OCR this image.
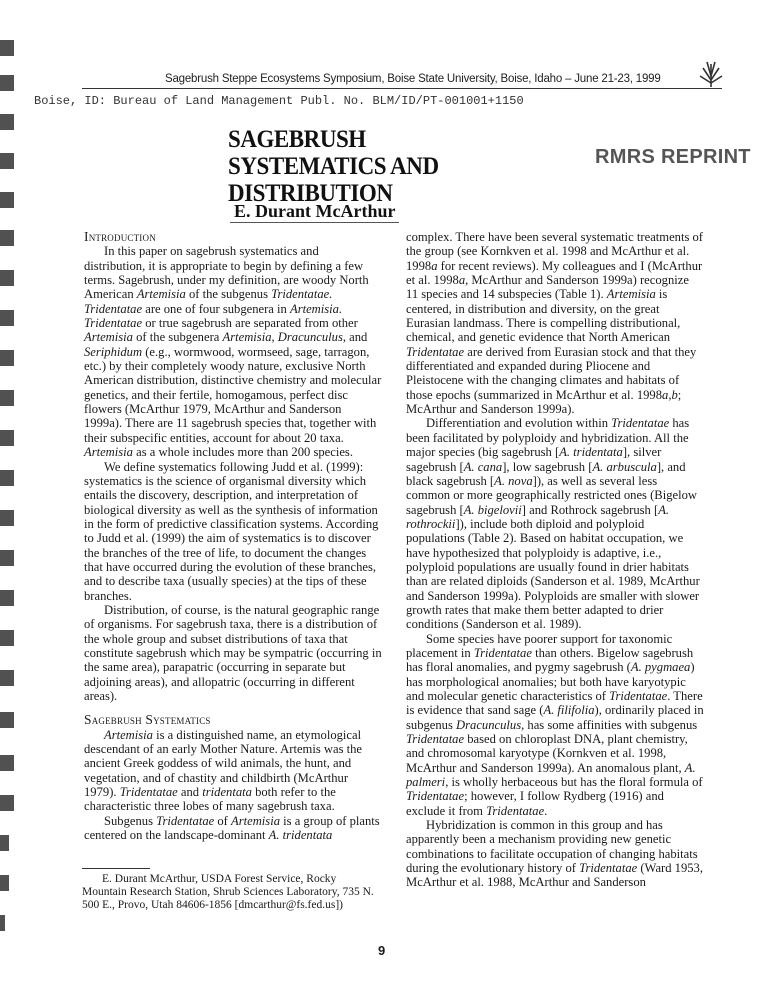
Sagebrush Steppe Ecosystems Symposium, Boise State University, Boise, Idaho – June 21-23, 1999
Boise, ID: Bureau of Land Management Publ. No. BLM/ID/PT-001001+1150
SAGEBRUSH SYSTEMATICS AND DISTRIBUTION
RMRS REPRINT
E. Durant McArthur
Introduction

In this paper on sagebrush systematics and distribution, it is appropriate to begin by defining a few terms. Sagebrush, under my definition, are woody North American Artemisia of the subgenus Tridentatae. Tridentatae are one of four subgenera in Artemisia. Tridentatae or true sagebrush are separated from other Artemisia of the subgenera Artemisia, Dracunculus, and Seriphidum (e.g., wormwood, wormseed, sage, tarragon, etc.) by their completely woody nature, exclusive North American distribution, distinctive chemistry and molecular genetics, and their fertile, homogamous, perfect disc flowers (McArthur 1979, McArthur and Sanderson 1999a). There are 11 sagebrush species that, together with their subspecific entities, account for about 20 taxa. Artemisia as a whole includes more than 200 species.

We define systematics following Judd et al. (1999): systematics is the science of organismal diversity which entails the discovery, description, and interpretation of biological diversity as well as the synthesis of information in the form of predictive classification systems. According to Judd et al. (1999) the aim of systematics is to discover the branches of the tree of life, to document the changes that have occurred during the evolution of these branches, and to describe taxa (usually species) at the tips of these branches.

Distribution, of course, is the natural geographic range of organisms. For sagebrush taxa, there is a distribution of the whole group and subset distributions of taxa that constitute sagebrush which may be sympatric (occurring in the same area), parapatric (occurring in separate but adjoining areas), and allopatric (occurring in different areas).

Sagebrush Systematics

Artemisia is a distinguished name, an etymological descendant of an early Mother Nature. Artemis was the ancient Greek goddess of wild animals, the hunt, and vegetation, and of chastity and childbirth (McArthur 1979). Tridentatae and tridentata both refer to the characteristic three lobes of many sagebrush taxa.

Subgenus Tridentatae of Artemisia is a group of plants centered on the landscape-dominant A. tridentata

complex. There have been several systematic treatments of the group (see Kornkven et al. 1998 and McArthur et al. 1998a for recent reviews). My colleagues and I (McArthur et al. 1998a, McArthur and Sanderson 1999a) recognize 11 species and 14 subspecies (Table 1). Artemisia is centered, in distribution and diversity, on the great Eurasian landmass. There is compelling distributional, chemical, and genetic evidence that North American Tridentatae are derived from Eurasian stock and that they differentiated and expanded during Pliocene and Pleistocene with the changing climates and habitats of those epochs (summarized in McArthur et al. 1998a,b; McArthur and Sanderson 1999a).

Differentiation and evolution within Tridentatae has been facilitated by polyploidy and hybridization. All the major species (big sagebrush [A. tridentata], silver sagebrush [A. cana], low sagebrush [A. arbuscula], and black sagebrush [A. nova]), as well as several less common or more geographically restricted ones (Bigelow sagebrush [A. bigelovii] and Rothrock sagebrush [A. rothrockii]), include both diploid and polyploid populations (Table 2). Based on habitat occupation, we have hypothesized that polyploidy is adaptive, i.e., polyploid populations are usually found in drier habitats than are related diploids (Sanderson et al. 1989, McArthur and Sanderson 1999a). Polyploids are smaller with slower growth rates that make them better adapted to drier conditions (Sanderson et al. 1989).

Some species have poorer support for taxonomic placement in Tridentatae than others. Bigelow sagebrush has floral anomalies, and pygmy sagebrush (A. pygmaea) has morphological anomalies; but both have karyotypic and molecular genetic characteristics of Tridentatae. There is evidence that sand sage (A. filifolia), ordinarily placed in subgenus Dracunculus, has some affinities with subgenus Tridentatae based on chloroplast DNA, plant chemistry, and chromosomal karyotype (Kornkven et al. 1998, McArthur and Sanderson 1999a). An anomalous plant, A. palmeri, is wholly herbaceous but has the floral formula of Tridentatae; however, I follow Rydberg (1916) and exclude it from Tridentatae.

Hybridization is common in this group and has apparently been a mechanism providing new genetic combinations to facilitate occupation of changing habitats during the evolutionary history of Tridentatae (Ward 1953, McArthur et al. 1988, McArthur and Sanderson

E. Durant McArthur, USDA Forest Service, Rocky Mountain Research Station, Shrub Sciences Laboratory, 735 N. 500 E., Provo, Utah 84606-1856 [dmcarthur@fs.fed.us])
9
